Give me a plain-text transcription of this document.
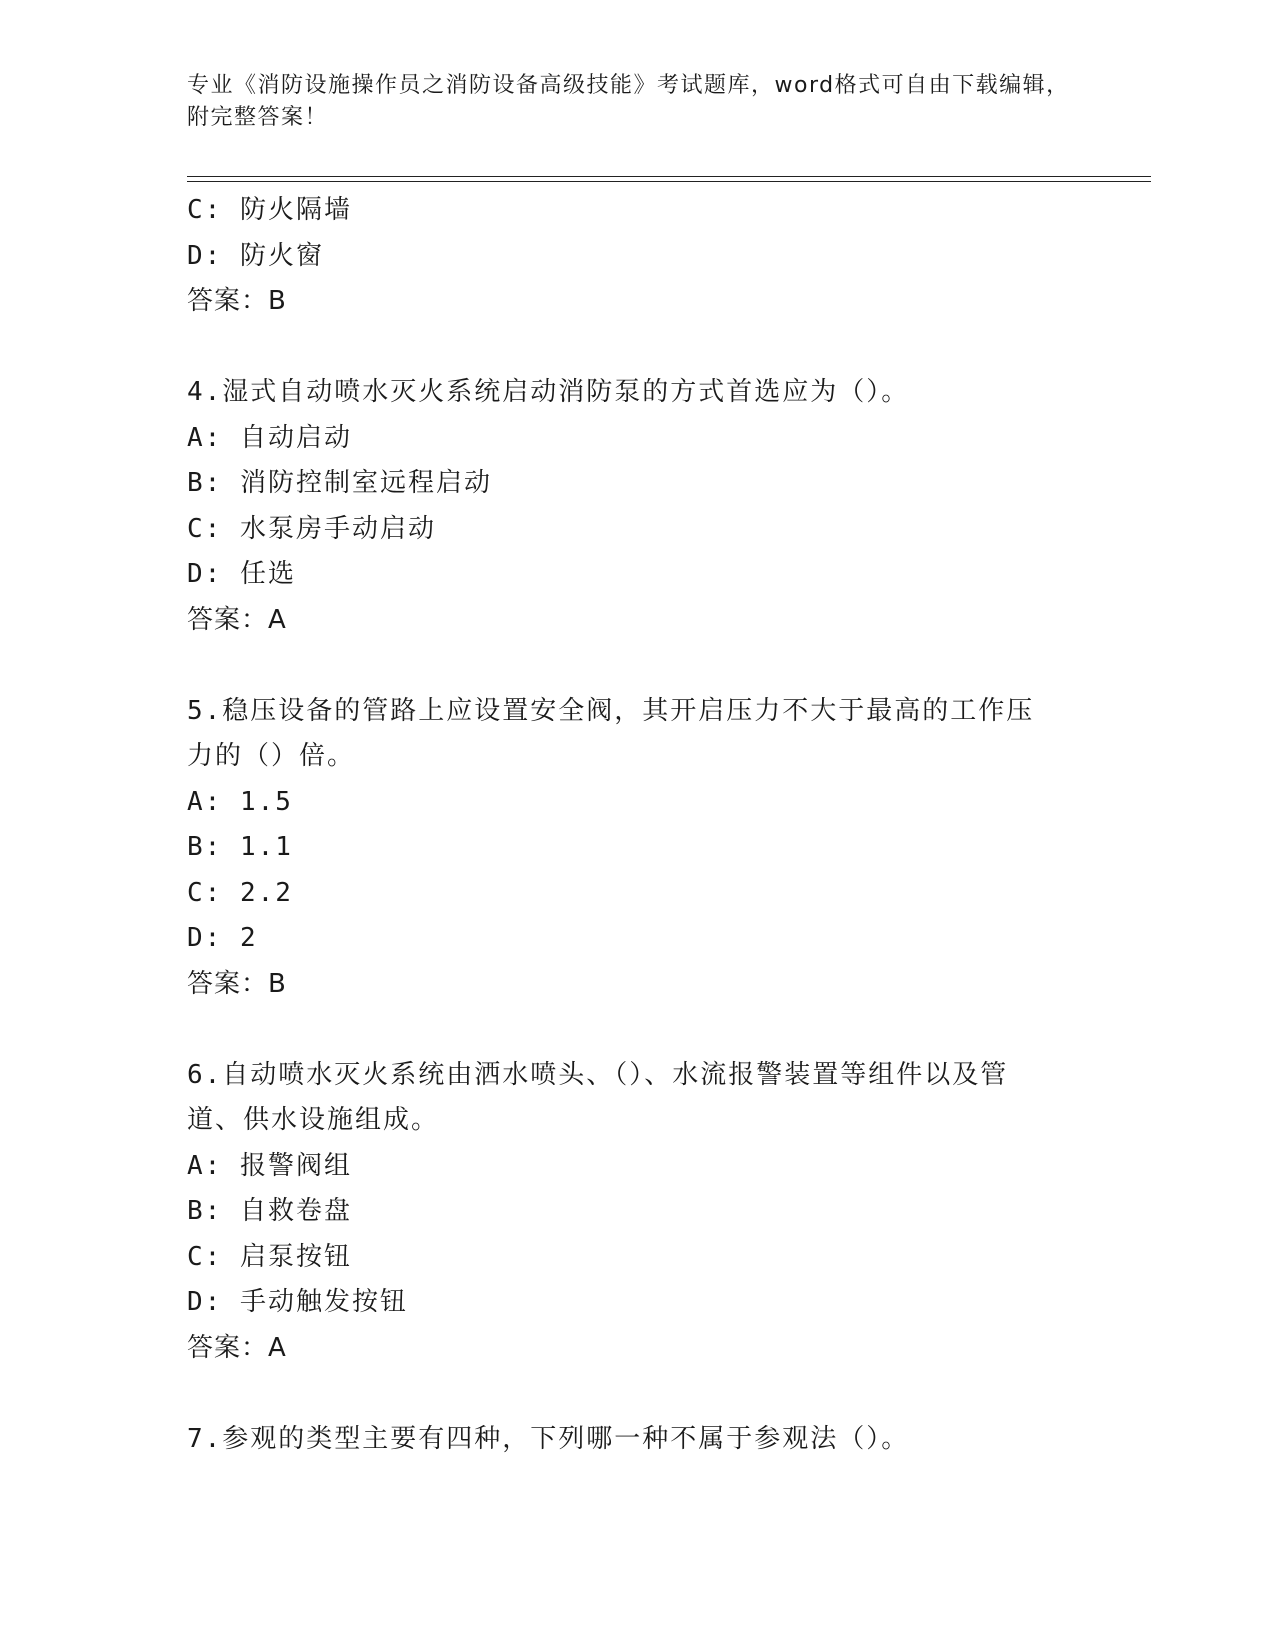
专业《消防设施操作员之消防设备高级技能》考试题库，word格式可自由下载编辑，附完整答案！
C: 防火隔墙
D: 防火窗
答案：B
4.湿式自动喷水灭火系统启动消防泵的方式首选应为（）。
A: 自动启动
B: 消防控制室远程启动
C: 水泵房手动启动
D: 任选
答案：A
5.稳压设备的管路上应设置安全阀，其开启压力不大于最高的工作压力的（）倍。
A: 1.5
B: 1.1
C: 2.2
D: 2
答案：B
6.自动喷水灭火系统由洒水喷头、（）、水流报警装置等组件以及管道、供水设施组成。
A: 报警阀组
B: 自救卷盘
C: 启泵按钮
D: 手动触发按钮
答案：A
7.参观的类型主要有四种，下列哪一种不属于参观法（）。
